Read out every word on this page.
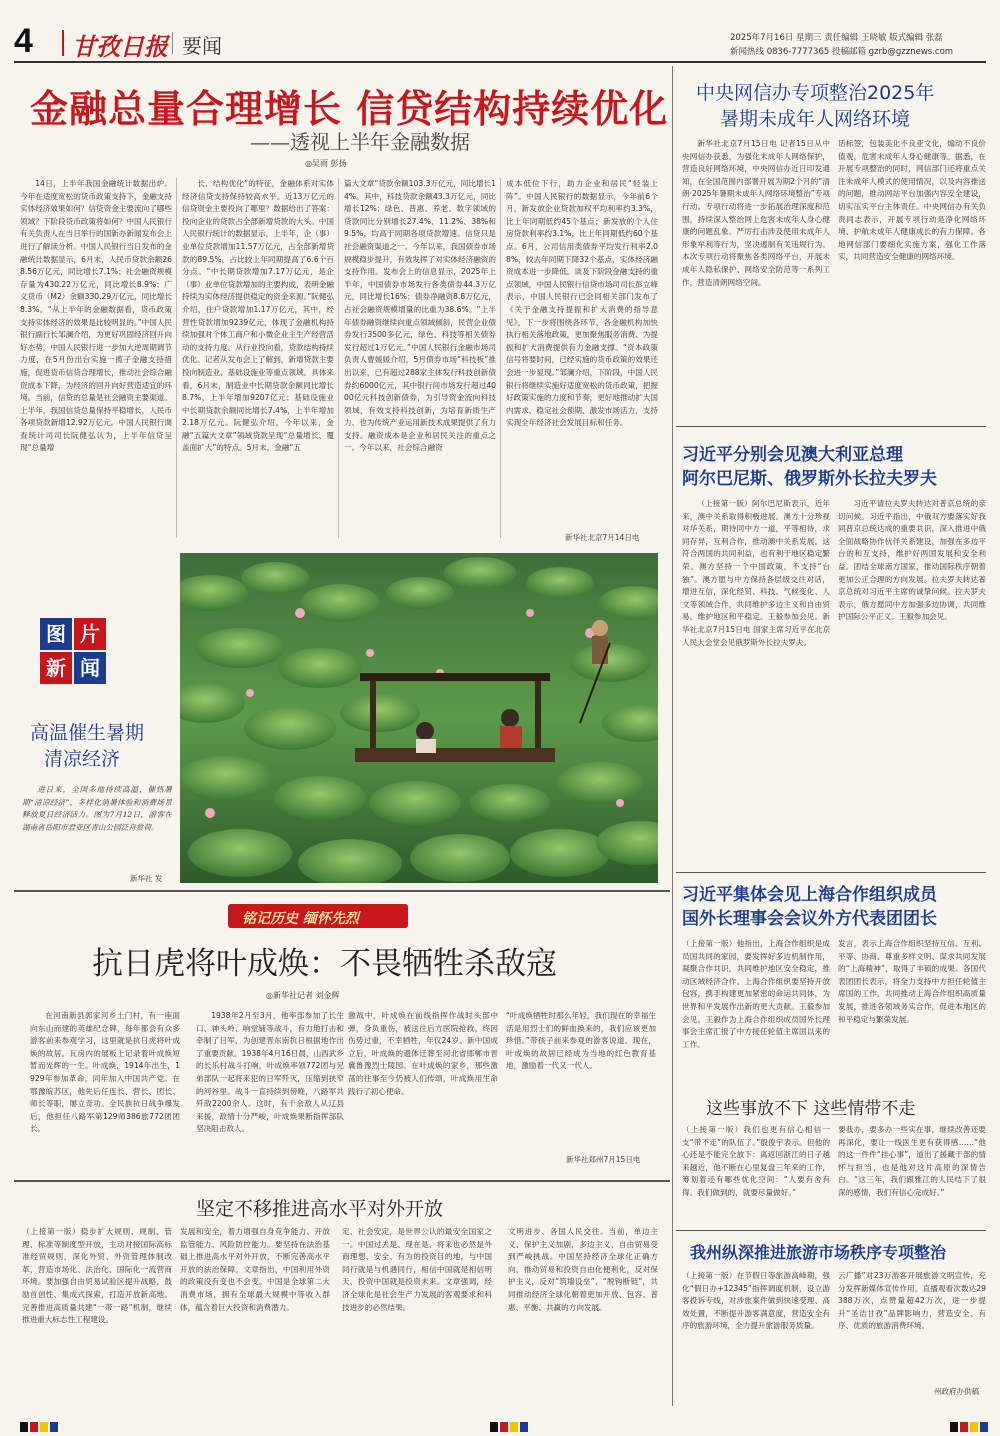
4 甘孜日报 要闻	2025年7月16日 星期三 责任编辑 王晓敏 版式编辑 张磊
新闻热线 0836-7777365 投稿邮箱 gzrb@gzznews.com
金融总量合理增长 信贷结构持续优化
——透视上半年金融数据
◎吴雨 彭扬
14日，上半年我国金融统计数据出炉。今年在适度宽松的货币政策支持下，金融支持实体经济效果如何？信贷资金主要流向了哪些领域？下阶段货币政策将如何？中国人民银行有关负责人在当日举行的国新办新闻发布会上进行了解读分析。中国人民银行当日发布的金融统计数据显示，6月末，人民币贷款余额268.56万亿元，同比增长7.1%；社会融资规模存量为430.22万亿元，同比增长8.9%；广义货币（M2）余额330.29万亿元，同比增长8.3%。“从上半年的金融数据看，货币政策支持实体经济的效果是比较明显的。”中国人民银行副行长邹澜介绍，为更好巩固经济回升向好态势，中国人民银行进一步加大逆周期调节力度，在5月份出台实施一揽子金融支持措施，促进货币信贷合理增长，推动社会综合融资成本下降，为经济的回升向好营造适宜的环境。当前，信贷的总量是社会融资主要渠道。上半年，我国信贷总量保持平稳增长，人民币各项贷款新增12.92万亿元。中国人民银行调查统计司司长阮健弘认为，上半年信贷呈现“总量增
长、结构优化”的特征，金融体系对实体经济信贷支持保持较高水平。近13万亿元的信贷资金主要投向了哪里？数据给出了答案：投向企业的贷款占全部新增贷款的大头。中国人民银行统计的数据显示，上半年，企（事）业单位贷款增加11.57万亿元，占全部新增贷款的89.5%，占比较上年同期提高了6.6个百分点。“中长期贷款增加7.17万亿元，是企（事）业单位贷款增加的主要构成，表明金融持续为实体经济提供稳定的资金来源。”阮健弘介绍，住户贷款增加1.17万亿元，其中，经营性贷款增加9239亿元，体现了金融机构持续加强对个体工商户和小微企业主生产经营活动的支持力度。从行业投向看，贷款结构持续优化。记者从发布会上了解到，新增贷款主要投向制造业、基础设施业等重点领域。具体来看，6月末，制造业中长期贷款余额同比增长8.7%，上半年增加9207亿元；基础设施业中长期贷款余额同比增长7.4%，上半年增加2.18万亿元。阮健弘介绍，今年以来，金融“五篇大文章”领域贷款呈现“总量增长、覆盖面扩大”的特点。5月末，金融“五
篇大文章”贷款余额103.3万亿元，同比增长14%。其中，科技贷款余额43.3万亿元，同比增长12%；绿色、普惠、养老、数字领域的贷款同比分别增长27.4%、11.2%、38%和9.5%，均高于同期各项贷款增速。信贷只是社会融资渠道之一。今年以来，我国债券市场规模稳步提升，有效发挥了对实体经济融资的支持作用。发布会上的信息显示，2025年上半年，中国债券市场发行各类债券44.3万亿元，同比增长16%；债券净融资8.8万亿元，占社会融资规模增量的比重为38.6%。“上半年债券融资继续向重点领域倾斜，民营企业债券发行3500多亿元，绿色、科技等相关债券发行超过1万亿元。”中国人民银行金融市场司负责人曹媛媛介绍，5月债券市场“科技板”推出以来，已有超过288家主体发行科技创新债券约6000亿元，其中银行间市场发行超过4000亿元科技创新债券，为引导资金流向科技领域，有效支持科技创新，为培育新质生产力、也为传统产业运用新技术成果提供了有力支持。融资成本是企业和居民关注的重点之一。今年以来，社会综合融资
成本低位下行，助力企业和居民“轻装上阵”。中国人民银行的数据显示，今年前6个月，新发放企业贷款加权平均利率约3.3%，比上年同期低约45个基点；新发放的个人住房贷款利率约3.1%，比上年同期低约60个基点。6月，公司信用类债券平均发行利率2.08%，较去年同期下降32个基点，实体经济融资成本进一步降低。谈及下阶段金融支持的重点领域，中国人民银行信贷市场司司长彭立峰表示，中国人民银行已会同相关部门发布了《关于金融支持提振和扩大消费的指导意见》，下一步将围绕各环节、各金融机构加快执行相关落地政策，更加聚焦服务消费、为提振和扩大消费提供有力金融支撑。“资本政策信号将要时间，已经实施的货币政策的效果还会进一步显现。”邹澜介绍，下阶段，中国人民银行将继续实施好适度宽松的货币政策，把握好政策实施的力度和节奏，更好地推动扩大国内需求、稳定社会预期、激发市场活力，支持实现全年经济社会发展目标和任务。
新华社北京7月14日电
图 片
新 闻
高温催生暑期
清凉经济
进日来，全国多地持续高温，催热暑期“清凉经济”，多样化消暑体验和消费场景释放夏日经济活力。图为7月12日，游客在湖南省岳阳市君亚区青山公园泛舟赏荷。
新华社 发
铭记历史 缅怀先烈
抗日虎将叶成焕：不畏牺牲杀敌寇
◎新华社记者 刘金辉
在河南新县郭家河乡土门村，有一座面向东山而建的英雄纪念碑，每年都会有众多游客前来参观学习，这里就是抗日虎将叶成焕的故居。瓦房内的展板上记录着叶成焕短暂而光辉的一生。叶成焕，1914年出生，1929年参加革命，同年加入中国共产党。在鄂豫皖苏区，他先后任连长、营长、团长、师长等职，屡立奇功。全民族抗日战争爆发后，他担任八路军第129师386旅772团团长。
1938年2月至3月，他率部参加了长生口、神头岭、响堂铺等战斗，有力地打击和牵制了日军，为创建晋东南抗日根据地作出了重要贡献。1938年4月16日晨，山西武乡的长乐村战斗打响，叶成焕率领772团与兄弟部队一起将来犯的日军歼灭，压缩到狭窄的河谷里。战斗一直持续到傍晚，八路军共歼敌2200余人。这时，有千余敌人从辽县来援，敌情十分严峻，叶成焕果断指挥部队坚决阻击敌人。
激战中，叶成焕在前线指挥作战时头部中弹，身负重伤，被送往后方医院抢救，终因伤势过重，不幸牺牲，年仅24岁。新中国成立后，叶成焕的遗体迁葬至河北省邯郸市晋冀鲁豫烈士陵园。在叶成焕的家乡，那些激荡的往事至今仍被人们传颂，叶成焕用生命践行了初心使命。
“叶成焕牺牲时那么年轻，我们现在的幸福生活是用烈士们的鲜血换来的，我们应该更加珍惜。”带孩子前来参观的游客说道。现在，叶成焕的故居已经成为当地的红色教育基地，激励着一代又一代人。
新华社郑州7月15日电
坚定不移推进高水平对外开放
（上接第一版）稳步扩大规则、规制、管理、标准等制度型开放，主动对接国际高标准经贸规则，深化外贸、外资管理体制改革，营造市场化、法治化、国际化一流营商环境。要加强自由贸易试验区提升战略，鼓励首创性、集成式探索，打造开放新高地。完善推进高质量共建“一带一路”机制，继续推进重大标志性工程建设。
发展和安全，着力增强自身竞争能力、开放监管能力、风险防控能力。要坚持在法治基础上推进高水平对外开放，不断完善高水平开放的法治保障。文章指出，中国利用外资的政策没有变也不会变。中国是全球第二大消费市场，拥有全球最大规模中等收入群体，蕴含着巨大投资和消费潜力。
定、社会安定，是世界公认的最安全国家之一。中国过去是、现在是、将来也必然是外商理想、安全、有为的投资目的地，与中国同行就是与机遇同行，相信中国就是相信明天，投资中国就是投资未来。文章强调，经济全球化是社会生产力发展的客观要求和科技进步的必然结果。
文明进步、各国人民交往。当前，单边主义、保护主义加剧，多边主义、自由贸易受到严峻挑战。中国坚持经济全球化正确方向，推动贸易和投资自由化便利化，反对保护主义，反对“筑墙设垒”、“脱钩断链”，共同推动经济全球化朝着更加开放、包容、普惠、平衡、共赢的方向发展。
中央网信办专项整治2025年
暑期未成年人网络环境
新华社北京7月15日电 记者15日从中央网信办获悉，为强化未成年人网络保护，营造良好网络环境，中央网信办近日印发通知，在全国范围内部署开展为期2个月的“清朗·2025年暑期未成年人网络环境整治”专项行动。专项行动将进一步拓展治理深度和范围，持续深入整治网上危害未成年人身心健康的问题乱象。严厉打击涉及使用未成年人形象牟利等行为，坚决遏制有关违规行为。本次专项行动将聚焦各类网络平台，开展未成年人隐私保护、网络安全防范等一系列工作，营造清朗网络空间。
话标签，包装美化不良亚文化，煽动不良价值观，危害未成年人身心健康等。据悉，在开展专项整治的同时，网信部门还将重点关注未成年人模式的使用情况，以及内容推送的问题，推动网站平台加强内容安全建设，切实压实平台主体责任。中央网信办有关负责同志表示，开展专项行动是净化网络环境、护航未成年人健康成长的有力保障。各地网信部门要细化实施方案，强化工作落实，共同营造安全健康的网络环境。
习近平分别会见澳大利亚总理
阿尔巴尼斯、俄罗斯外长拉夫罗夫
（上接第一版）阿尔巴尼斯表示，近年来，澳中关系取得积极进展。澳方十分珍视对华关系，期待同中方一道，平等相待，求同存异，互利合作，推动澳中关系发展。这符合两国的共同利益，也有利于地区稳定繁荣。澳方坚持一个中国政策，不支持“台独”。澳方愿与中方保持各层级交往对话，增进互信，深化经贸、科技、气候变化、人文等领域合作，共同维护多边主义和自由贸易，维护地区和平稳定。王毅参加会见。新华社北京7月15日电 国家主席习近平在北京人民大会堂会见俄罗斯外长拉夫罗夫。
习近平请拉夫罗夫转达对普京总统的亲切问候。习近平指出，中俄双方要落实好我同普京总统达成的重要共识，深入推进中俄全面战略协作伙伴关系建设，加强在多边平台的和互支持，维护好两国发展和安全利益。团结全球南方国家，推动国际秩序朝着更加公正合理的方向发展。拉夫罗夫转达普京总统对习近平主席的诚挚问候。拉夫罗夫表示，俄方愿同中方加强多边协调，共同维护国际公平正义。王毅参加会见。
习近平集体会见上海合作组织成员
国外长理事会会议外方代表团团长
（上接第一版）他指出，上海合作组织是成员国共同的家园，要发挥好多边机制作用，凝聚合作共识，共同维护地区安全稳定，推动区域经济合作。上海合作组织要坚持开放包容，携手构建更加紧密的命运共同体，为世界和平发展作出新的更大贡献。王毅参加会见。王毅作为上海合作组织成员国外长理事会主席汇报了中方接任轮值主席国以来的工作。
发言，表示上海合作组织坚持互信、互利、平等、协商、尊重多样文明、谋求共同发展的“上海精神”，取得了丰硕的成果。各国代表团团长表示，将全力支持中方担任轮值主席国的工作，共同推动上海合作组织高质量发展，推进各领域务实合作，促进本地区的和平稳定与繁荣发展。
这些事放不下 这些情带不走
（上接第一版）我们也更有信心相信一支“带不走”的队伍了。”殷俊宇表示。但他的心还是不能完全放下：离返回浙江的日子越来越近，他不断在心里复盘三年来的工作，筹划着还有哪些优化空间：“人要有舍有得。我们做到的，就要尽量做好。”
要我办，要多办一些实在事，继续改善还要再深化，要让一线医生更有获得感……”他的这一件件“挂心事”，道出了援藏干部的情怀与担当，也是他对这片高原的深情告白。“这三年，我们跟雅江的人民结下了很深的感情，我们有信心完成好。”
我州纵深推进旅游市场秩序专项整治
（上接第一版）在节假日等旅游高峰期，强化“假日办+12345”指挥调度机制，设立游客投诉专线，对涉旅案件做到快速受理、高效处置，不断提升游客满意度，营造安全有序的旅游环境，全力提升旅游服务质量。
云广播”对23万游客开展旅游文明宣传，充分发挥新媒体宣传作用，直播观看次数达29388万次，点赞量超42万次，进一步提升“圣洁甘孜”品牌影响力，营造安全、有序、优质的旅游消费环境。
州政府办供稿
